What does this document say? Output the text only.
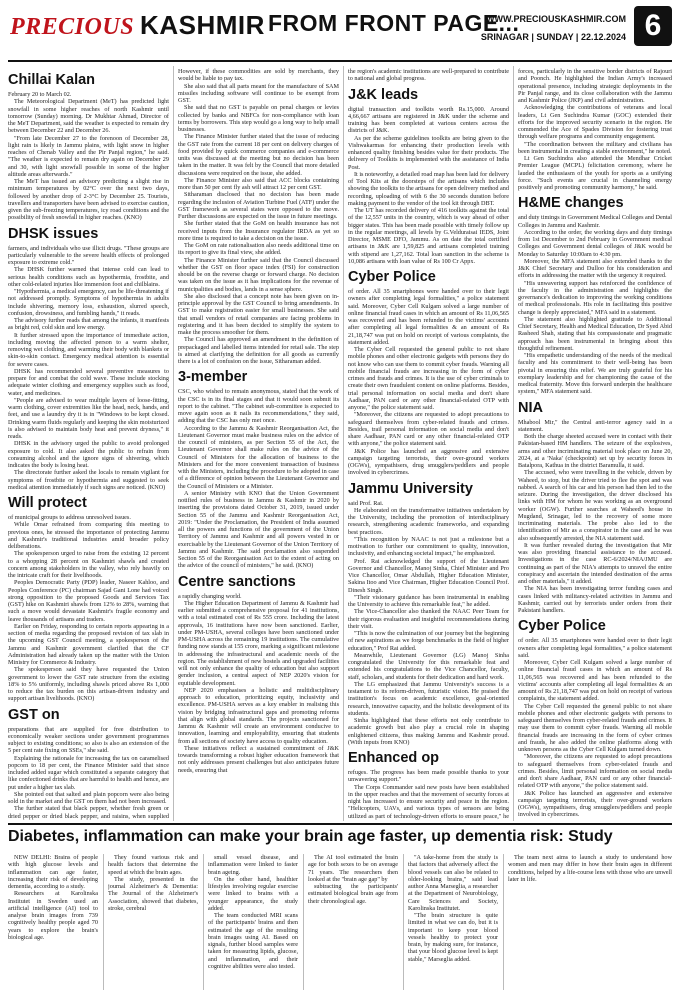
PRECIOUS KASHMIR FROM FRONT PAGE...
WWW.PRECIOUSKASHMIR.COM
SRINAGAR | SUNDAY | 22.12.2024 6
Chillai Kalan

February 20 to March 02.

The Meteorological Department (MeT) has predicted light snowfall in some higher reaches of north Kashmir until tomorrow (Sunday) morning. Dr Mukhtar Ahmad, Director of the MeT Department, said the weather is expected to remain dry between December 22 and December 26.

"From late December 27 to the forenoon of December 28, light rain is likely in Jammu plains, with light snow in higher reaches of Chenab Valley and the Pir Panjal region," he said. "The weather is expected to remain dry again on December 29 and 30, with light snowfall possible in some of the higher altitude areas afterwards."

The MeT has issued an advisory predicting a slight rise in minimum temperatures by 02°C over the next two days, followed by another drop of 2-3°C by December 25. Tourists, travellers and transporters have been advised to exercise caution, given the sub-freezing temperatures, icy road conditions and the possibility of fresh snowfall in higher reaches. (KNO)

DHSK issues

farmers, and individuals who use illicit drugs. "These groups are particularly vulnerable to the severe health effects of prolonged exposure to extreme cold."

The DHSK further warned that intense cold can lead to serious health conditions such as hypothermia, frostbite, and other cold-related injuries like immersion foot and chilblains.

"Hypothermia, a medical emergency, can be life-threatening if not addressed promptly. Symptoms of hypothermia in adults include shivering, memory loss, exhaustion, slurred speech, confusion, drowsiness, and fumbling hands," it reads.

The advisory further reads that among the infants, it manifests as bright red, cold skin and low energy.

It further stressed upon the importance of immediate action, including moving the affected person to a warm shelter, removing wet clothing, and warming their body with blankets or skin-to-skin contact. Emergency medical attention is essential for severe cases.

DHSK has recommended several preventive measures to prepare for and combat the cold wave. These include stocking adequate winter clothing and emergency supplies such as food, water, and medicines.

"People are advised to wear multiple layers of loose-fitting, warm clothing, cover extremities like the head, neck, hands, and feet, and use a laundry dry it is in "Windows to be kept closed. Drinking warm fluids regularly and keeping the skin moisturized is also advised to maintain body heat and prevent dryness," it reads.

DHSK in the advisory urged the public to avoid prolonged exposure to cold. It also asked the public to refrain from consuming alcohol and the ignore signs of shivering, which indicates the body is losing heat.

The directorate further asked the locals to remain vigilant for symptoms of frostbite or hypothermia and suggested to seek medical attention immediately if such signs are noticed. (KNO)

Will protect

of municipal groups to address unresolved issues.

While Omar refrained from comparing this meeting to previous ones, he stressed the importance of protecting Jammu and Kashmir's traditional industries amid broader policy deliberations.

The spokesperson urged to raise from the existing 12 percent to a whopping 28 percent on Kashmiri shawls and created concern among stakeholders in the valley, who rely heavily on the intricate craft for their livelihoods.

Peoples Democratic Party (PDP) leader, Naseer Kahloo, and Peoples Conference (PC) chairman Sajad Gani Lone had voiced strong opposition to the proposed Goods and Services Tax (GST) hike on Kashmiri shawls from 12% to 28%, warning that such a move would devastate Kashmir's fragile economy and leave thousands of artisans and traders.

Earlier on Friday, responding to certain reports appearing in a section of media regarding the proposed revision of tax slab in the upcoming GST Council meeting, a spokesperson of the Jammu and Kashmir government clarified that the CF Administration had already taken up the matter with the Union Ministry for Commerce & Industry.

The spokesperson said they have requested the Union government to lower the GST rate structure from the existing 18% to 5% uniformly, including shawls priced above Rs 1,000 to reduce the tax burden on this artisan-driven industry and support artisan livelihoods. (KNO)

GST on

preparations that are supplied for free distribution to economically weaker sections under government programmes subject to existing conditions; so also is also an extension of the 5 per cent rate fixing on SSEs," she said.

Explaining the rationale for increasing the tax on caramelised popcorn to 18 per cent, the Finance Minister said that since included added sugar which constituted a separate category that like confectioned drinks that are harmful to health and hence, are put under a higher tax slab.

She pointed out that salted and plain popcorn were also being sold in the market and the GST on them had not been increased.

The further stated that black pepper, whether fresh green or dried pepper or dried black pepper, and raisins, when supplied

However, if these commodities are sold by merchants, they would be liable to pay tax.

She also said that all parts meant for the manufacture of SAM missiles including software will continue to be exempt from GST.

She said that no GST is payable on penal charges or levies collected by banks and NBFCs for non-compliance with loan terms by borrowers. This step would go a long way to help small businesses.

The Finance Minister further stated that the issue of reducing the GST rate from the current 18 per cent on delivery charges of food provided by quick commerce companies and e-commerce units was discussed at the meeting but no decision has been taken in the matter. It was felt by the Council that more detailed discussions were required on the issue, she added.

The Finance Minister also said that ACC blocks containing more than 50 per cent fly ash will attract 12 per cent GST.

Sitharaman disclosed that no decision has been made regarding the inclusion of Aviation Turbine Fuel (ATF) under the GST framework as several states were opposed to the move. Further discussions are expected on the issue in future meetings.

She further stated that the GoM on health insurance has not received inputs from the Insurance regulator IRDA as yet so more time is required to take a decision on the issue.

The GoM on rate rationalisation also needs additional time on its report to give its final view, she added.

The Finance Minister further said that the Council discussed whether the GST on floor space index (FSI) for construction should be on the reverse charge or forward charge. No decision was taken on the issue as it has implications for the revenue of municipalities and bodies, lands in a sense sphere.

She also disclosed that a concept note has been given on in-principle approval by the GST Council to bring amendments. In GST to make registration easier for small businesses. She said that small vendors of retail companies are facing problems in registering and it has been decided to simplify the system to make the process smoother for them.

The Council has approved an amendment in the definition of prepackaged and labelled items intended for retail sale. The step is aimed at clarifying the definition for all goods as currently there is a lot of confusion on the issue, Sitharaman added.

3-member

CSC, who wished to remain anonymous, stated that the work of the CSC is in its final stages and that it would soon submit its report to the cabinet. "The cabinet sub-committee is expected to move again soon as it nails its recommendations," they said, adding that the CSC has only met once.

According to the Jammu & Kashmir Reorganisation Act, the Lieutenant Governor must make business rules on the advice of the council of ministers, as per Section 55 of the Act, the Lieutenant Governor shall make rules on the advice of the Council of Ministers for the allocation of business to the Ministers and for the more convenient transaction of business with the Ministers, including the procedure to be adopted in case of a difference of opinion between the Lieutenant Governor and the Council of Ministers or a Minister.

A senior Ministry with KNO that the Union Government notified rules of business in Jammu & Kashmir in 2020 by inserting the provisions dated October 31, 2019, issued under Section 55 of the Jammu and Kashmir Reorganisation Act, 2019: "Under the Proclamation, the President of India assumed all the powers and functions of the government of the Union Territory of Jammu and Kashmir and all powers vested in or exercisable by the Lieutenant Governor of the Union Territory of Jammu and Kashmir. The said proclamation also suspended Section 55 of the Reorganisation Act to the extent of acting on the advice of the council of ministers," he said. (KNO)

Centre sanctions

a rapidly changing world.

The Higher Education Department of Jammu & Kashmir had earlier submitted a comprehensive proposal for 41 institutions, with a total estimated cost of Rs 555 crore. Including the latest approvals, 16 institutions have now been sanctioned. Earlier, under PM-USHA, several colleges have been sanctioned under PM-USHA across the remaining 19 institutions. The cumulative funding now stands at 155 crore, marking a significant milestone in addressing the infrastructural and academic needs of the region. The establishment of new hostels and upgraded facilities will not only enhance the quality of education but also support gender inclusion, a central aspect of NEP 2020's vision for equitable development.

NEP 2020 emphasises a holistic and multidisciplinary approach to education, prioritizing equity, inclusivity and excellence. PM-USHA serves as a key enabler in realising this vision by bridging infrastructural gaps and promoting reforms that align with global standards. The projects sanctioned for Jammu & Kashmir will create an environment conducive to innovation, learning and employability, ensuring that students from all sections of society have access to quality education.

These initiatives reflect a sustained commitment of J&K towards transforming a robust higher education framework that not only addresses present challenges but also anticipates future needs, ensuring that

the region's academic institutions are well-prepared to contribute to national and global progress.

J&K leads

digital transaction and toolkits worth Rs.15,000. Around 4,66,667 artisans are registered in J&K under the scheme and training has been completed at various centers across the districts of J&K.

As per the scheme guidelines toolkits are being given to the Vishwakarmas for enhancing their production levels with enhanced quality finishing besides value for their products. The delivery of Toolkits is implemented with the assistance of India Post.

It is noteworthy, a detailed road map has been laid for delivery of Tool Kits at the doorsteps of the artisans which includes showing the toolkits to the artisans for open delivery method and recording, uploading of with 6 the 30 seconds duration before making payment to the vendor of the tool kit through DBT.

The UT has recorded delivery of 416 toolkits against the total of the 12,557 units in the country, which is way ahead of other bigger states. This has been made possible with timely follow up in the regular meetings, all levels by G.Velduraisai IEDS, Joint Director, MSME DFO, Jammu. As on date the total certified artisans in J&K are 1,59,825 and artisans completed training with stipend are 1,27,162. Total loan sanction in the scheme is 10,086 artisans with loan value of Rs 100 Cr Appx.

Cyber Police

of order. All 35 smartphones were handed over to their legit owners after completing legal formalities," a police statement said. Moreover, Cyber Cell Kulgam solved a large number of online financial fraud cases in which an amount of Rs 11,06,565 was recovered and has been refunded to the victims' accounts after completing all legal formalities & an amount of Rs 21,18,747 was put on hold on receipt of various complaints, the statement added.

The Cyber Cell requested the general public to not share mobile phones and other electronic gadgets with persons they do not know who can use them to commit cyber frauds. Warning all mobile financial frauds are increasing in the form of cyber crimes and frauds and crimes. It is the use of cyber criminals to create their own fraudulent content on online platforms. Besides, trial personal information on social media and don't share Aadhaar, PAN card or any other financial-related OTP with anyone," the police statement said.

"Moreover, the citizens are requested to adopt precautions to safeguard themselves from cyber-related frauds and crimes. Besides, trail personal information on social media and don't share Aadhaar, PAN card or any other financial-related OTP with anyone," the police statement said.

J&K Police has launched an aggressive and extensive campaign targeting terrorists, their over-ground workers (OGWs), sympathisers, drug smugglers/peddlers and people involved in cybercrimes.

Jammu University

said Prof. Rai.

He elaborated on the transformative initiatives undertaken by the University, including the promotion of interdisciplinary research, strengthening academic frameworks, and expanding best practices.

"This recognition by NAAC is not just a milestone but a motivation to further our commitment to quality, innovation, inclusivity, and enhancing societal impact," he emphasized.

Prof. Rai acknowledged the support of the Lieutenant Governor and Chancellor, Manoj Sinha, Chief Minister and Pro Vice Chancellor, Omar Abdullah, Higher Education Minister, Sakina Itoo and Vice Chairman, Higher Education Council Prof. Dinesh Singh.

"Their visionary guidance has been instrumental in enabling the University to achieve this remarkable feat," he added.

The Vice-Chancellor also thanked the NAAC Peer Team for their rigorous evaluation and insightful recommendations during their visit.

"This is now the culmination of our journey but the beginning of new aspirations as we forge benchmarks in the field of higher education," Prof Rai added.

Meanwhile, Lieutenant Governor (LG) Manoj Sinha congratulated the University for this remarkable feat and extended his congratulations to the Vice Chancellor, faculty, staff, scholars, and students for their dedication and hard work.

The LG emphasized that Jammu University's success is a testament to its reform-driven, futuristic vision. He praised the institution's focus on academic excellence, goal-oriented research, innovative capacity, and the holistic development of its students.

Sinha highlighted that these efforts not only contribute to academic growth but also play a crucial role in shaping enlightened citizens, thus making Jammu and Kashmir proud. (With inputs from KNO)

Enhanced op

refuges. The progress has been made possible thanks to your unwavering support."

The Corps Commander said new posts have been established in the upper reaches and that the movement of security forces at night has increased to ensure security and peace in the region. "Helicopters, UAVs, and various types of sensors are being utilized as part of technology-driven efforts to ensure peace," he

forces, particularly in the sensitive border districts of Rajouri and Poonch. He highlighted the Indian Army's increased operational presence, including strategic deployments in the Pir Panjal range, and its close collaboration with the Jammu and Kashmir Police (JKP) and civil administration.

Acknowledging the contributions of veterans and local leaders, Lt Gen Suchindra Kumar (GOC) extended their efforts for the improved security scenario in the region. He commended the Ace of Spades Division for fostering trust through welfare programs and community engagement.

"The coordination between the military and civilians has been instrumental in creating a stable environment," he noted.

Lt Gen Suchindra also attended the Mendhar Cricket Premier League (MCPL) felicitation ceremony, where he lauded the enthusiasm of the youth for sports as a unifying force. "Such events are crucial in channeling energy positively and promoting community harmony," he said.

H&ME changes

and duty timings in Government Medical Colleges and Dental Colleges in Jammu and Kashmir.

According to the order, the working days and duty timings from 1st December to 2nd February in Government medical Colleges and Government dental colleges of J&K would be Monday to Saturday 10:00am to 4:30 pm.

Moreover, the MFA statement also extended thanks to the J&K Chief Secretary and Dulloo for his consideration and efforts in addressing the matter with the urgency it required.

"His unwavering support has reinforced the confidence of the faculty in the administration and highlights the governance's dedication to improving the working conditions of medical professionals. His role in facilitating this positive change is deeply appreciated," MFA said in a statement.

The statement also highlighted gratitude to Additional Chief Secretary, Health and Medical Education, Dr Syed Abid Rasheed Shah, stating that his compassionate and pragmatic approach has been instrumental in bringing about this thoughtful refinement.

"His empathetic understanding of the needs of the medical faculty and his commitment to their well-being has been pivotal in ensuring this relief. We are truly grateful for his exemplary leadership and for championing the cause of the medical fraternity. Move this forward underpin the healthcare system," MFA statement said.

NIA

Mhabool Mir," the Central anti-terror agency said in a statement.

Both the charge sheeted accused were in contact with their Pakistan-based HM handlers. The seizure of the explosives, arms and other incriminating material took place on June 20, 2024, at a 'Naka' (checkpoint) set up by security forces in Batalpora, Kathua in the district Baramulla, it said.

The accused, who were travelling in the vehicle, driven by Waheed, to stop, but the driver tried to flee the spot and was nabbed. A search of his car and his person had then led to the seizure. During the investigation, the driver disclosed his links with HM for whom he was working as an overground worker (OGW). Further searches at Waheed's house in Mugdand, Srinagar, led to the recovery of some more incriminating materials. The probe also led to the identification of Mir as a conspirator in the case and he was also subsequently arrested, the NIA statement said.

It was further revealed during the investigation that Mir was also providing financial assistance to the accused. Investigations in the case RC-6/2024/NIA/JMU are continuing as part of the NIA's attempts to unravel the entire conspiracy and ascertain the intended destination of the arms and other materials," it added.

The NIA has been investigating terror funding cases and cases linked with militancy-related activities in Jammu and Kashmir, carried out by terrorists under orders from their Pakistani handlers.

Cyber Police

of order. All 35 smartphones were handed over to their legit owners after completing legal formalities," a police statement said.

Moreover, Cyber Cell Kulgam solved a large number of online financial fraud cases in which an amount of Rs 11,06,565 was recovered and has been refunded to the victims' accounts after completing all legal formalities & an amount of Rs 21,18,747 was put on hold on receipt of various complaints, the statement added.

The Cyber Cell requested the general public to not share mobile phones and other electronic gadgets with persons to safeguard themselves from cyber-related frauds and crimes. It may use them to commit cyber frauds. Warning all mobile financial frauds are increasing in the form of cyber crimes and frauds, he also added the online platforms along with unknown persons as the Cyber Cell Kulgam turned down.

"Moreover, the citizens are requested to adopt precautions to safeguard themselves from cyber-related frauds and crimes. Besides, limit personal information on social media and don't share Aadhaar, PAN card or any other financial-related OTP with anyone," the police statement said.

J&K Police has launched an aggressive and extensive campaign targeting terrorists, their over-ground workers (OGWs), sympathisers, drug smugglers/peddlers and people involved in cybercrimes.

Diabetes, inflammation can make your brain age faster, up dementia risk: Study

NEW DELHI: Brains of people with high glucose levels and inflammation can age faster, increasing their risk of developing dementia, according to a study.

Researchers at Karolinska Institutet in Sweden used an artificial intelligence (AI) tool to analyse brain images from 739 cognitively healthy people aged 70 years to explore the brain's biological age.

They found various risk and health factors that determine the speed at which the brain ages.

The study, presented in the journal Alzheimer's & Dementia: The Journal of the Alzheimer's Association, showed that diabetes, stroke, cerebral

small vessel disease, and inflammation were linked to faster brain ageing.

On the other hand, healthier lifestyles involving regular exercise were linked to brains with a younger appearance, the study added.

The team conducted MRI scans of the participants' brains and then estimated the age of the resulting brain images using AI. Based on signals, further blood samples were taken for measuring lipids, glucose, and inflammation, and their cognitive abilities were also tested.

The AI tool estimated the brain age for both sexes to be on average 71 years. The researchers then looked at the "brain age gap" by

subtracting the participants' estimated biological brain age from their chronological age.

"A take-home from the study is that factors that adversely affect the blood vessels can also be related to older-looking brains," said lead author Anna Marseglia, a researcher at the Department of Neurobiology, Care Sciences and Society, Karolinska Institutet.

"The brain structure is quite limited in what we can do, but it is important to keep your blood vessels healthy to protect your brain, by making sure, for instance, that your blood glucose level is kept stable," Marseglia added.

The team next aims to launch a study to understand how women and men may differ in how their brain ages in different conditions, helped by a life-course lens with those who are unwell later in life.
